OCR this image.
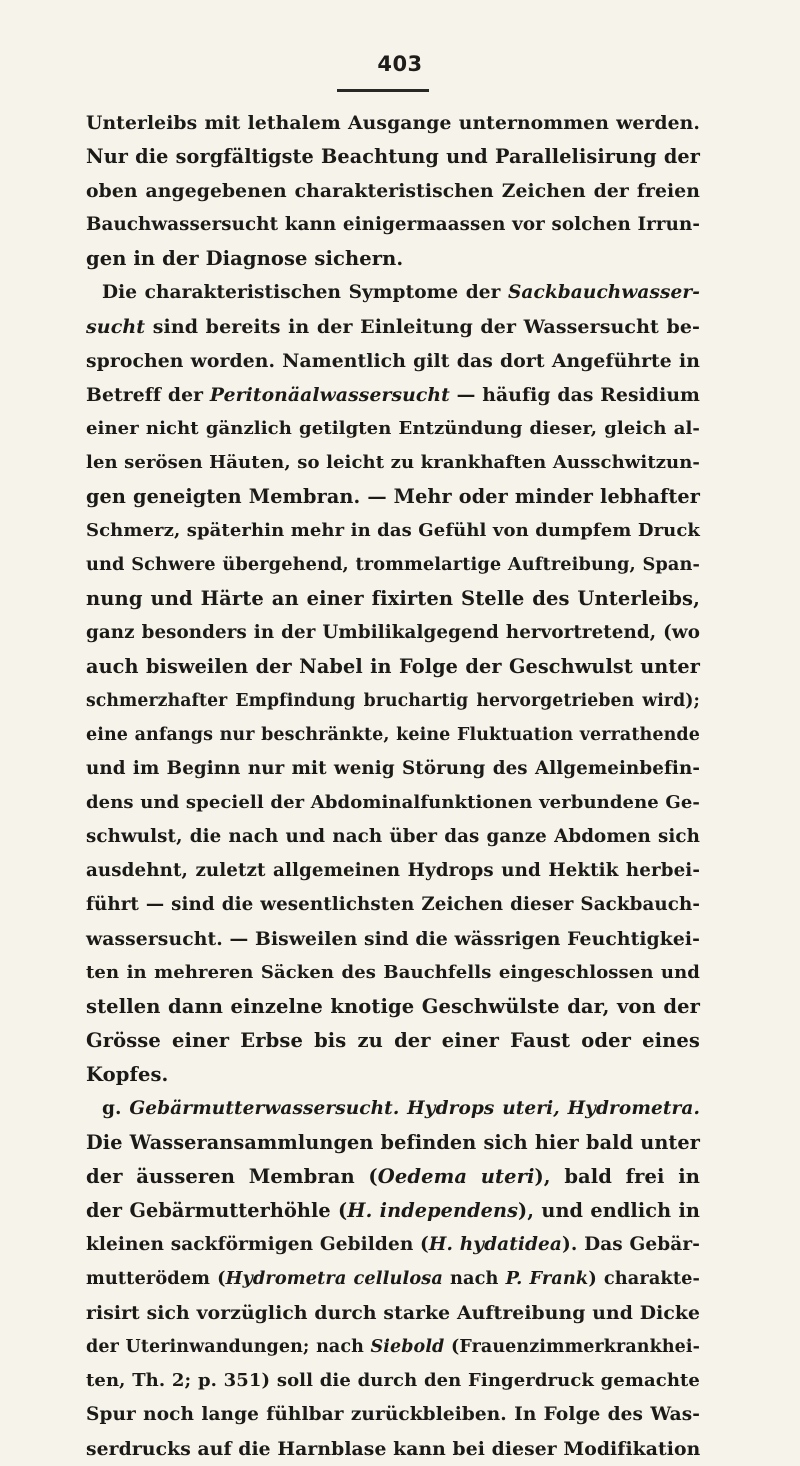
403
Unterleibs mit lethalem Ausgange unternommen werden.
Nur die sorgfältigste Beachtung und Parallelisirung der
oben angegebenen charakteristischen Zeichen der freien
Bauchwassersucht kann einigermaassen vor solchen Irrun-
gen in der Diagnose sichern.
Die charakteristischen Symptome der Sackbauchwasser-
sucht sind bereits in der Einleitung der Wassersucht be-
sprochen worden. Namentlich gilt das dort Angeführte in
Betreff der Peritonäalwassersucht — häufig das Residium
einer nicht gänzlich getilgten Entzündung dieser, gleich al-
len serösen Häuten, so leicht zu krankhaften Ausschwitzun-
gen geneigten Membran. — Mehr oder minder lebhafter
Schmerz, späterhin mehr in das Gefühl von dumpfem Druck
und Schwere übergehend, trommelartige Auftreibung, Span-
nung und Härte an einer fixirten Stelle des Unterleibs,
ganz besonders in der Umbilikalgegend hervortretend, (wo
auch bisweilen der Nabel in Folge der Geschwulst unter
schmerzhafter Empfindung bruchartig hervorgetrieben wird);
eine anfangs nur beschränkte, keine Fluktuation verrathende
und im Beginn nur mit wenig Störung des Allgemeinbefin-
dens und speciell der Abdominalfunktionen verbundene Ge-
schwulst, die nach und nach über das ganze Abdomen sich
ausdehnt, zuletzt allgemeinen Hydrops und Hektik herbei-
führt — sind die wesentlichsten Zeichen dieser Sackbauch-
wassersucht. — Bisweilen sind die wässrigen Feuchtigkei-
ten in mehreren Säcken des Bauchfells eingeschlossen und
stellen dann einzelne knotige Geschwülste dar, von der
Grösse einer Erbse bis zu der einer Faust oder eines
Kopfes.
g. Gebärmutterwassersucht. Hydrops uteri, Hydrometra.
Die Wasseransammlungen befinden sich hier bald unter
der äusseren Membran (Oedema uteri), bald frei in
der Gebärmutterhöhle (H. independens), und endlich in
kleinen sackförmigen Gebilden (H. hydatidea). Das Gebär-
mutterödem (Hydrometra cellulosa nach P. Frank) charakte-
risirt sich vorzüglich durch starke Auftreibung und Dicke
der Uterinwandungen; nach Siebold (Frauenzimmerkrankhei-
ten, Th. 2; p. 351) soll die durch den Fingerdruck gemachte
Spur noch lange fühlbar zurückbleiben. In Folge des Was-
serdrucks auf die Harnblase kann bei dieser Modifikation
